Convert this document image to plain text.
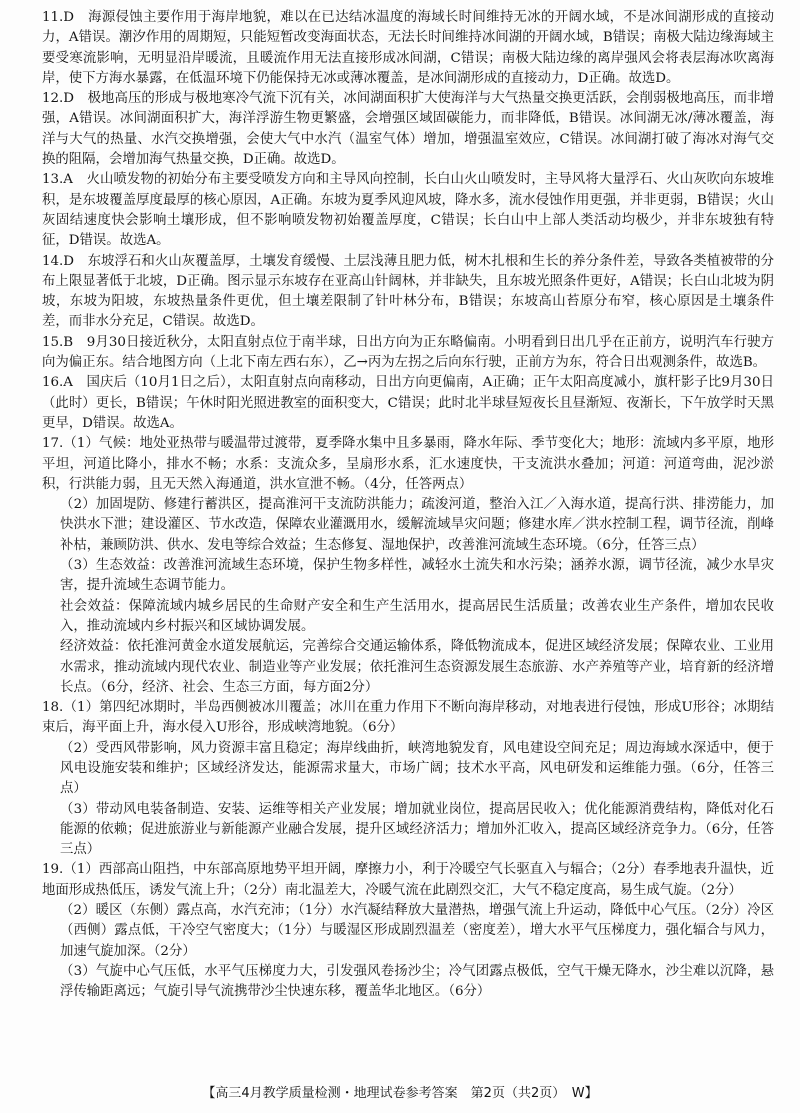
11.D　海源侵蚀主要作用于海岸地貌，难以在已达结冰温度的海域长时间维持无冰的开阔水域，不是冰间湖形成的直接动力，A错误。潮汐作用的周期短，只能短暂改变海面状态，无法长时间维持冰间湖的开阔水域，B错误；南极大陆边缘海域主要受寒流影响，无明显沿岸暖流，且暖流作用无法直接形成冰间湖，C错误；南极大陆边缘的离岸强风会将表层海冰吹离海岸，使下方海水暴露，在低温环境下仍能保持无冰或薄冰覆盖，是冰间湖形成的直接动力，D正确。故选D。

12.D　极地高压的形成与极地寒冷气流下沉有关，冰间湖面积扩大使海洋与大气热量交换更活跃，会削弱极地高压，而非增强，A错误。冰间湖面积扩大，海洋浮游生物更繁盛，会增强区域固碳能力，而非降低，B错误。冰间湖无冰/薄冰覆盖，海洋与大气的热量、水汽交换增强，会使大气中水汽（温室气体）增加，增强温室效应，C错误。冰间湖打破了海冰对海气交换的阻隔，会增加海气热量交换，D正确。故选D。

13.A　火山喷发物的初始分布主要受喷发方向和主导风向控制，长白山火山喷发时，主导风将大量浮石、火山灰吹向东坡堆积，是东坡覆盖厚度最厚的核心原因，A正确。东坡为夏季风迎风坡，降水多，流水侵蚀作用更强，并非更弱，B错误；火山灰固结速度快会影响土壤形成，但不影响喷发物初始覆盖厚度，C错误；长白山中上部人类活动均极少，并非东坡独有特征，D错误。故选A。

14.D　东坡浮石和火山灰覆盖厚，土壤发育缓慢、土层浅薄且肥力低，树木扎根和生长的养分条件差，导致各类植被带的分布上限显著低于北坡，D正确。图示显示东坡存在亚高山针阔林，并非缺失，且东坡光照条件更好，A错误；长白山北坡为阴坡，东坡为阳坡，东坡热量条件更优，但土壤差限制了针叶林分布，B错误；东坡高山苔原分布窄，核心原因是土壤条件差，而非水分充足，C错误。故选D。

15.B　9月30日接近秋分，太阳直射点位于南半球，日出方向为正东略偏南。小明看到日出几乎在正前方，说明汽车行驶方向为偏正东。结合地图方向（上北下南左西右东），乙→丙为左拐之后向东行驶，正前方为东，符合日出观测条件，故选B。

16.A　国庆后（10月1日之后），太阳直射点向南移动，日出方向更偏南，A正确；正午太阳高度减小，旗杆影子比9月30日（此时）更长，B错误；午休时阳光照进教室的面积变大，C错误；此时北半球昼短夜长且昼渐短、夜渐长，下午放学时天黑更早，D错误。故选A。

17.（1）气候：地处亚热带与暖温带过渡带，夏季降水集中且多暴雨，降水年际、季节变化大；地形：流域内多平原，地形平坦，河道比降小，排水不畅；水系：支流众多，呈扇形水系，汇水速度快，干支流洪水叠加；河道：河道弯曲，泥沙淤积，行洪能力弱，且无天然入海通道，洪水宣泄不畅。（4分，任答两点）

（2）加固堤防、修建行蓄洪区，提高淮河干支流防洪能力；疏浚河道，整治入江／入海水道，提高行洪、排涝能力，加快洪水下泄；建设灌区、节水改造，保障农业灌溉用水，缓解流域旱灾问题；修建水库／洪水控制工程，调节径流，削峰补枯，兼顾防洪、供水、发电等综合效益；生态修复、湿地保护，改善淮河流域生态环境。（6分，任答三点）

（3）生态效益：改善淮河流域生态环境，保护生物多样性，减轻水土流失和水污染；涵养水源，调节径流，减少水旱灾害，提升流域生态调节能力。

社会效益：保障流域内城乡居民的生命财产安全和生产生活用水，提高居民生活质量；改善农业生产条件，增加农民收入，推动流域内乡村振兴和区域协调发展。

经济效益：依托淮河黄金水道发展航运，完善综合交通运输体系，降低物流成本，促进区域经济发展；保障农业、工业用水需求，推动流域内现代农业、制造业等产业发展；依托淮河生态资源发展生态旅游、水产养殖等产业，培育新的经济增长点。（6分，经济、社会、生态三方面，每方面2分）

18.（1）第四纪冰期时，半岛西侧被冰川覆盖；冰川在重力作用下不断向海岸移动，对地表进行侵蚀，形成U形谷；冰期结束后，海平面上升，海水侵入U形谷，形成峡湾地貌。（6分）

（2）受西风带影响，风力资源丰富且稳定；海岸线曲折，峡湾地貌发育，风电建设空间充足；周边海域水深适中，便于风电设施安装和维护；区域经济发达，能源需求量大，市场广阔；技术水平高，风电研发和运维能力强。（6分，任答三点）

（3）带动风电装备制造、安装、运维等相关产业发展；增加就业岗位，提高居民收入；优化能源消费结构，降低对化石能源的依赖；促进旅游业与新能源产业融合发展，提升区域经济活力；增加外汇收入，提高区域经济竞争力。（6分，任答三点）

19.（1）西部高山阻挡，中东部高原地势平坦开阔，摩擦力小，利于冷暖空气长驱直入与辐合；（2分）春季地表升温快，近地面形成热低压，诱发气流上升；（2分）南北温差大，冷暖气流在此剧烈交汇，大气不稳定度高，易生成气旋。（2分）

（2）暖区（东侧）露点高，水汽充沛；（1分）水汽凝结释放大量潜热，增强气流上升运动，降低中心气压。（2分）冷区（西侧）露点低，干冷空气密度大；（1分）与暖湿区形成剧烈温差（密度差），增大水平气压梯度力，强化辐合与风力，加速气旋加深。（2分）

（3）气旋中心气压低，水平气压梯度力大，引发强风卷扬沙尘；冷气团露点极低，空气干燥无降水，沙尘难以沉降，悬浮传输距离远；气旋引导气流携带沙尘快速东移，覆盖华北地区。（6分）

【高三4月教学质量检测・地理试卷参考答案　第2页（共2页）　W】
